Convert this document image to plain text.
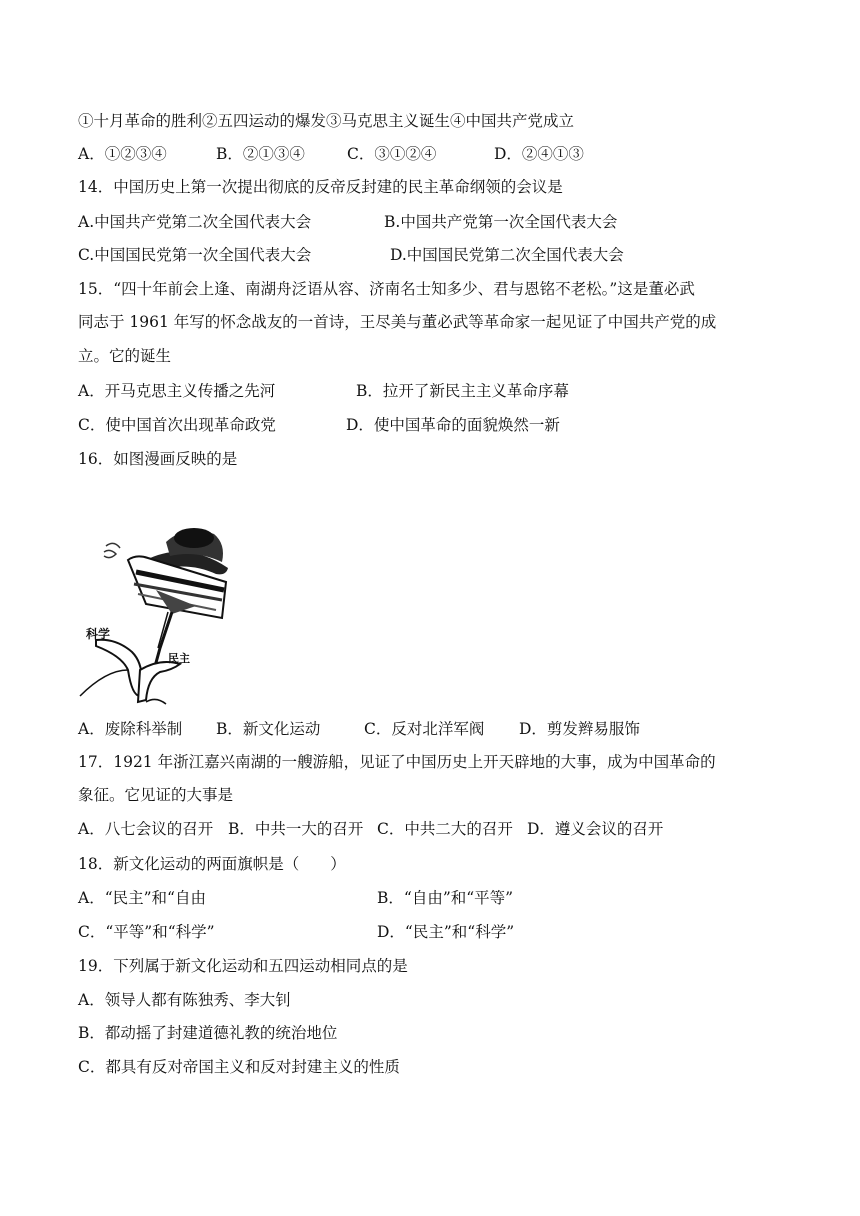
①十月革命的胜利②五四运动的爆发③马克思主义诞生④中国共产党成立
A．①②③④	B．②①③④	C．③①②④	D．②④①③
14．中国历史上第一次提出彻底的反帝反封建的民主革命纲领的会议是
A.中国共产党第二次全国代表大会	B.中国共产党第一次全国代表大会
C.中国国民党第一次全国代表大会	D.中国国民党第二次全国代表大会
15．“四十年前会上逢、南湖舟泛语从容、济南名士知多少、君与恩铭不老松。”这是董必武
同志于 1961 年写的怀念战友的一首诗，王尽美与董必武等革命家一起见证了中国共产党的成
立。它的诞生
A．开马克思主义传播之先河	B．拉开了新民主主义革命序幕
C．使中国首次出现革命政党	D．使中国革命的面貌焕然一新
16．如图漫画反映的是
科学
民主
A．废除科举制 B．新文化运动	C．反对北洋军阀 D．剪发辫易服饰
17．1921 年浙江嘉兴南湖的一艘游船，见证了中国历史上开天辟地的大事，成为中国革命的
象征。它见证的大事是
A．八七会议的召开 B．中共一大的召开 C．中共二大的召开 D．遵义会议的召开
18．新文化运动的两面旗帜是（　　）
A．“民主”和“自由	B．“自由”和“平等”
C．“平等”和“科学”	D．“民主”和“科学”
19．下列属于新文化运动和五四运动相同点的是
A．领导人都有陈独秀、李大钊
B．都动摇了封建道德礼教的统治地位
C．都具有反对帝国主义和反对封建主义的性质
